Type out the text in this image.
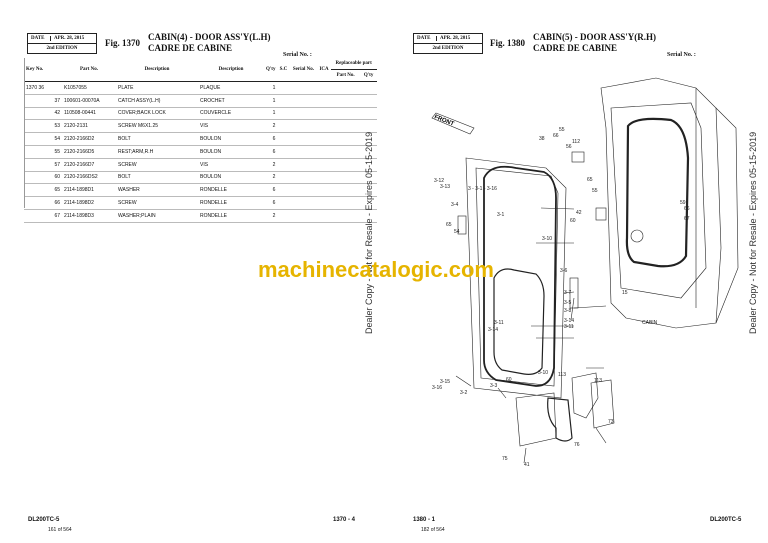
DATE	APR. 28, 2015
2nd EDITION
Fig. 1370
CABIN(4) - DOOR ASS'Y(L.H)
CADRE DE CABINE
Serial No. :
Key No.	Part No.	Description	Description	Q'ty	S.C	Serial No.	ICA	Replaceable part	
								Part No.	Q'ty
1370 36	K1057055	PLATE	PLAQUE	1					
37	100601-00070A	CATCH ASSY(L.H)	CROCHET	1					
42	110508-00441	COVER;BACK LOCK	COUVERCLE	1					
53	2120-2131	SCREW M6X1.25	VIS	2					
54	2120-2166D2	BOLT	BOULON	6					
55	2120-2166D5	REST;ARM,R.H	BOULON	6					
57	2120-2166D7	SCREW	VIS	2					
60	2120-2166DS2	BOLT	BOULON	2					
65	2114-1898D1	WASHER	RONDELLE	6					
66	2114-1898D2	SCREW	RONDELLE	6					
67	2114-1898D3	WASHER;PLAIN	RONDELLE	2						Dealer Copy - Not for Resale - Expires 05-15-2019
DL200TC-5
161 of 564
1370 - 4
DATE	APR. 28, 2015
2nd EDITION
Fig. 1380
CABIN(5) - DOOR ASS'Y(R.H)
CADRE DE CABINE
Serial No. :
FRONT
CABIN
38 66
55
112
56
65
55
59
66
67
42
60
3-12
3-13	3 - 3-1 - 3-16
3-4
3-1
65
54
3-10
3-6
15
3-7
3-5
3-8
3-14
3-11
3-11
3-14
3-10 113
3-15
3-16
3-2
3-3
60	113
73
76
75
41
Dealer Copy - Not for Resale - Expires 05-15-2019
1380 - 1
182 of 564
DL200TC-5
machinecatalogic.com
